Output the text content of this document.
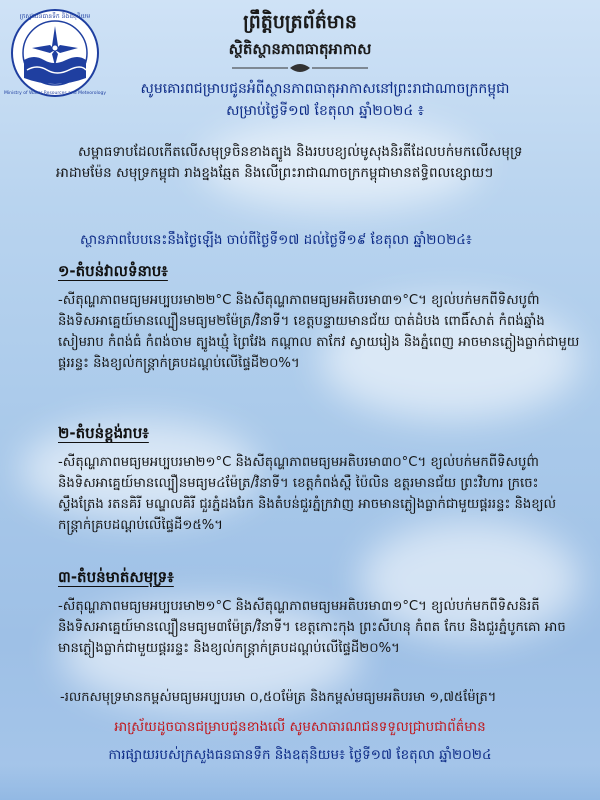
ក្រសួងធនធានទឹក និងឧតុនិយម
Ministry of Water Resources and Meteorology
ព្រឹត្តិបត្រព័ត៌មាន
ស្ថិតិស្ថានភាពធាតុអាកាស
សូមគោរពជម្រាបជូនអំពីស្ថានភាពធាតុអាកាសនៅព្រះរាជាណាចក្រកម្ពុជា
សម្រាប់ថ្ងៃទី១៧ ខែតុលា ឆ្នាំ២០២៤ ៖
សម្ពាធទាបដែលកើតលើសមុទ្រចិនខាងត្បូង និងរបបខ្យល់មូសុងនិរតីដែលបក់មកលើសមុទ្រអាដាមម៉ែន សមុទ្រកម្ពុជា រាងខ្នងឆ្មែត និងលើព្រះរាជាណាចក្រកម្ពុជាមានឥទ្ធិពលខ្សោយៗ
ស្ថានភាពបែបនេះនឹងថ្ងៃឡើង ចាប់ពីថ្ងៃទី១៧ ដល់ថ្ងៃទី១៩ ខែតុលា ឆ្នាំ២០២៤៖
១-តំបន់វាលទំនាប៖
-សីតុណ្ហភាពមធ្យមអប្បបរមា២២°C និងសីតុណ្ហភាពមធ្យមអតិបរមា៣១°C។ ខ្យល់បក់មកពីទិសបូព៌ា និងទិសអាគ្នេយ៍មានល្បឿនមធ្យម២ម៉ែត្រ/វិនាទី។ ខេត្តបន្ទាយមានជ័យ បាត់ដំបង ពោធិ៍សាត់ កំពង់ឆ្នាំង សៀមរាប កំពង់ធំ កំពង់ចាម ត្បូងឃ្មុំ ព្រៃវែង កណ្ដាល តាកែវ ស្វាយរៀង និងភ្នំពេញ អាចមានភ្លៀងធ្លាក់ជាមួយផ្គររន្ទះ និងខ្យល់កន្ត្រាក់គ្របដណ្ដប់លើផ្ទៃដី២០%។
២-តំបន់ខ្ពង់រាប៖
-សីតុណ្ហភាពមធ្យមអប្បបរមា២១°C និងសីតុណ្ហភាពមធ្យមអតិបរមា៣០°C។ ខ្យល់បក់មកពីទិសបូព៌ា និងទិសអាគ្នេយ៍មានល្បឿនមធ្យម៤ម៉ែត្រ/វិនាទី។ ខេត្តកំពង់ស្ពឺ ប៉ៃលិន ឧត្តរមានជ័យ ព្រះវិហារ ក្រចេះ ស្ទឹងត្រែង រតនគិរី មណ្ឌលគិរី ជួរភ្នំដងរែក និងតំបន់ជួរភ្នំក្រវាញ អាចមានភ្លៀងធ្លាក់ជាមួយផ្គររន្ទះ និងខ្យល់កន្ត្រាក់គ្របដណ្ដប់លើផ្ទៃដី១៥%។
៣-តំបន់មាត់សមុទ្រ៖
-សីតុណ្ហភាពមធ្យមអប្បបរមា២១°C និងសីតុណ្ហភាពមធ្យមអតិបរមា៣១°C។ ខ្យល់បក់មកពីទិសនិរតី និងទិសអាគ្នេយ៍មានល្បឿនមធ្យម៣ម៉ែត្រ/វិនាទី។ ខេត្តកោះកុង ព្រះសីហនុ កំពត កែប និងជួរភ្នំបូកគោ អាចមានភ្លៀងធ្លាក់ជាមួយផ្គររន្ទះ និងខ្យល់កន្ត្រាក់គ្របដណ្ដប់លើផ្ទៃដី២០%។
-រលកសមុទ្រមានកម្ពស់មធ្យមអប្បបរមា ០,៥០ម៉ែត្រ និងកម្ពស់មធ្យមអតិបរមា ១,៧៥ម៉ែត្រ។
អាស្រ័យដូចបានជម្រាបជូនខាងលើ សូមសាធារណជនទទួលជ្រាបជាព័ត៌មាន
ការផ្សាយរបស់ក្រសួងធនធានទឹក និងឧតុនិយម៖ ថ្ងៃទី១៧ ខែតុលា ឆ្នាំ២០២៤
